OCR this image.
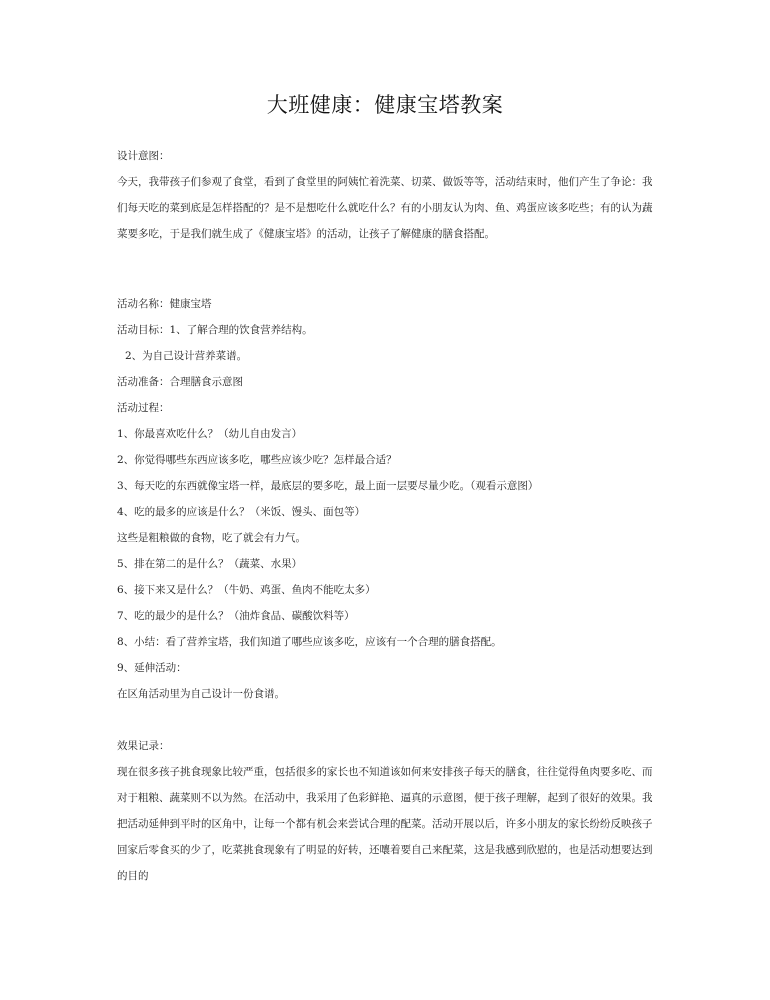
大班健康：健康宝塔教案

设计意图：

今天，我带孩子们参观了食堂，看到了食堂里的阿姨忙着洗菜、切菜、做饭等等，活动结束时，他们产生了争论：我们每天吃的菜到底是怎样搭配的？是不是想吃什么就吃什么？有的小朋友认为肉、鱼、鸡蛋应该多吃些；有的认为蔬菜要多吃，于是我们就生成了《健康宝塔》的活动，让孩子了解健康的膳食搭配。

活动名称：健康宝塔

活动目标：1、了解合理的饮食营养结构。

2、为自己设计营养菜谱。

活动准备：合理膳食示意图

活动过程：

1、你最喜欢吃什么？（幼儿自由发言）

2、你觉得哪些东西应该多吃，哪些应该少吃？怎样最合适？

3、每天吃的东西就像宝塔一样，最底层的要多吃，最上面一层要尽量少吃。（观看示意图）

4、吃的最多的应该是什么？（米饭、馒头、面包等）

这些是粗粮做的食物，吃了就会有力气。

5、排在第二的是什么？（蔬菜、水果）

6、接下来又是什么？（牛奶、鸡蛋、鱼肉不能吃太多）

7、吃的最少的是什么？（油炸食品、碳酸饮料等）

8、小结：看了营养宝塔，我们知道了哪些应该多吃，应该有一个合理的膳食搭配。

9、延伸活动：

在区角活动里为自己设计一份食谱。

效果记录：

现在很多孩子挑食现象比较严重，包括很多的家长也不知道该如何来安排孩子每天的膳食，往往觉得鱼肉要多吃、而对于粗粮、蔬菜则不以为然。在活动中，我采用了色彩鲜艳、逼真的示意图，便于孩子理解，起到了很好的效果。我把活动延伸到平时的区角中，让每一个都有机会来尝试合理的配菜。活动开展以后，许多小朋友的家长纷纷反映孩子回家后零食买的少了，吃菜挑食现象有了明显的好转，还嚷着要自己来配菜，这是我感到欣慰的，也是活动想要达到的目的
